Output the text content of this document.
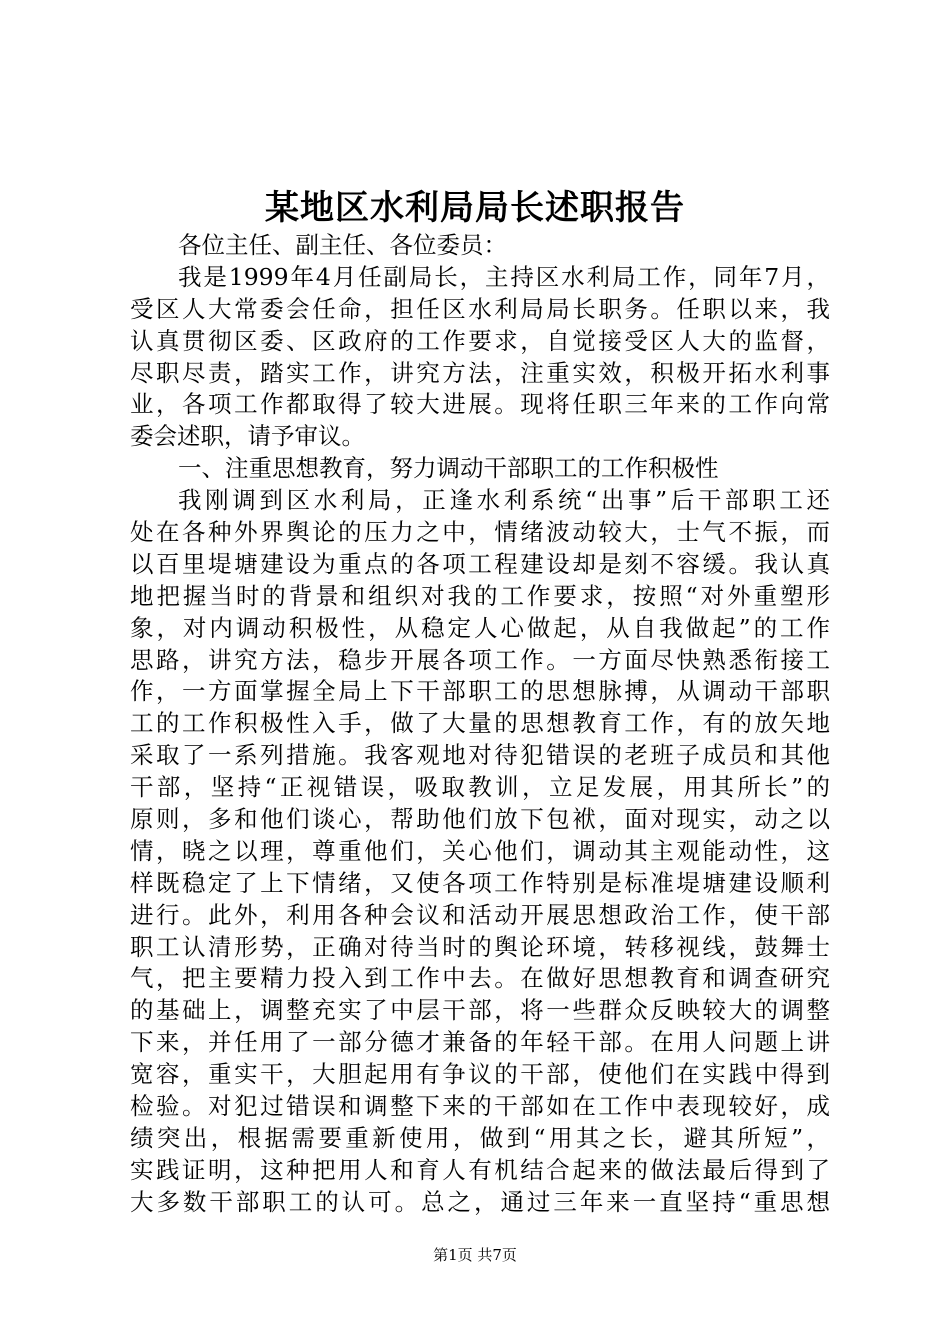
某地区水利局局长述职报告
各位主任、副主任、各位委员：
我是1999年4月任副局长，主持区水利局工作，同年7月，
受区人大常委会任命，担任区水利局局长职务。任职以来，我
认真贯彻区委、区政府的工作要求，自觉接受区人大的监督，
尽职尽责，踏实工作，讲究方法，注重实效，积极开拓水利事
业，各项工作都取得了较大进展。现将任职三年来的工作向常
委会述职，请予审议。
一、注重思想教育，努力调动干部职工的工作积极性
我刚调到区水利局，正逢水利系统“出事”后干部职工还
处在各种外界舆论的压力之中，情绪波动较大，士气不振，而
以百里堤塘建设为重点的各项工程建设却是刻不容缓。我认真
地把握当时的背景和组织对我的工作要求，按照“对外重塑形
象，对内调动积极性，从稳定人心做起，从自我做起”的工作
思路，讲究方法，稳步开展各项工作。一方面尽快熟悉衔接工
作，一方面掌握全局上下干部职工的思想脉搏，从调动干部职
工的工作积极性入手，做了大量的思想教育工作，有的放矢地
采取了一系列措施。我客观地对待犯错误的老班子成员和其他
干部，坚持“正视错误，吸取教训，立足发展，用其所长”的
原则，多和他们谈心，帮助他们放下包袱，面对现实，动之以
情，晓之以理，尊重他们，关心他们，调动其主观能动性，这
样既稳定了上下情绪，又使各项工作特别是标准堤塘建设顺利
进行。此外，利用各种会议和活动开展思想政治工作，使干部
职工认清形势，正确对待当时的舆论环境，转移视线，鼓舞士
气，把主要精力投入到工作中去。在做好思想教育和调查研究
的基础上，调整充实了中层干部，将一些群众反映较大的调整
下来，并任用了一部分德才兼备的年轻干部。在用人问题上讲
宽容，重实干，大胆起用有争议的干部，使他们在实践中得到
检验。对犯过错误和调整下来的干部如在工作中表现较好，成
绩突出，根据需要重新使用，做到“用其之长，避其所短”，
实践证明，这种把用人和育人有机结合起来的做法最后得到了
大多数干部职工的认可。总之，通过三年来一直坚持“重思想
第1页 共7页
